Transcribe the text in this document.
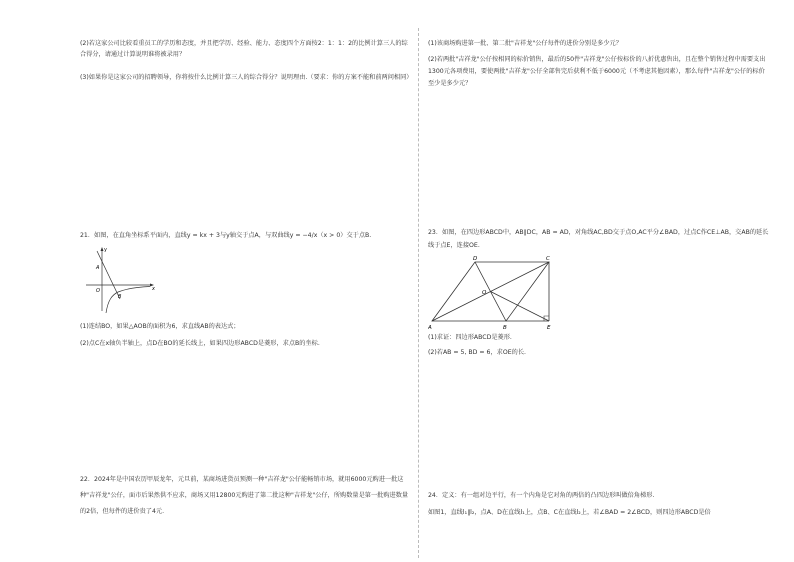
(2)若这家公司比较看重员工的学历和态度，并且把学历、经验、能力、态度四个方面按2：1：1：2的比例计算三人的综合得分，请通过计算说明谁将被录用？

(3)如果你是这家公司的招聘领导，你将按什么比例计算三人的综合得分？说明理由.（要求：你的方案不能和前两问相同）

21．如图，在直角坐标系平面内，直线y = kx + 3与y轴交于点A，与双曲线y = −4/x（x > 0）交于点B.

y
x
A
O
B

(1)连结BO，如果△AOB的面积为6，求直线AB的表达式；

(2)点C在x轴负半轴上，点D在BO的延长线上，如果四边形ABCD是菱形，求点B的坐标.

22．2024年是中国农历甲辰龙年，元旦前，某商场进货员预测一种"吉祥龙"公仔能畅销市场，就用6000元购进一批这种"吉祥龙"公仔，面市后果然供不应求，商场又用12800元购进了第二批这种"吉祥龙"公仔，所购数量是第一批购进数量的2倍，但每件的进价贵了4元.

(1)该商场购进第一批、第二批"吉祥龙"公仔每件的进价分别是多少元？

(2)若两批"吉祥龙"公仔按相同的标价销售，最后的50件"吉祥龙"公仔按标价的八折优惠售出，且在整个销售过程中需要支出1300元各项费用，要使两批"吉祥龙"公仔全部售完后获利不低于6000元（不考虑其他因素），那么每件"吉祥龙"公仔的标价至少是多少元？

23．如图，在四边形ABCD中，AB∥DC，AB = AD，对角线AC,BD交于点O,AC平分∠BAD，过点C作CE⊥AB，交AB的延长线于点E，连接OE.

A	B
C
D
E
O

(1)求证：四边形ABCD是菱形.

(2)若AB = 5, BD = 6，求OE的长.

24．定义：有一组对边平行，有一个内角是它对角的两倍的凸四边形叫做倍角梯形.

如图1，直线l₁∥l₂，点A、D在直线l₁上，点B、C在直线l₂上，若∠BAD = 2∠BCD，则四边形ABCD是倍
